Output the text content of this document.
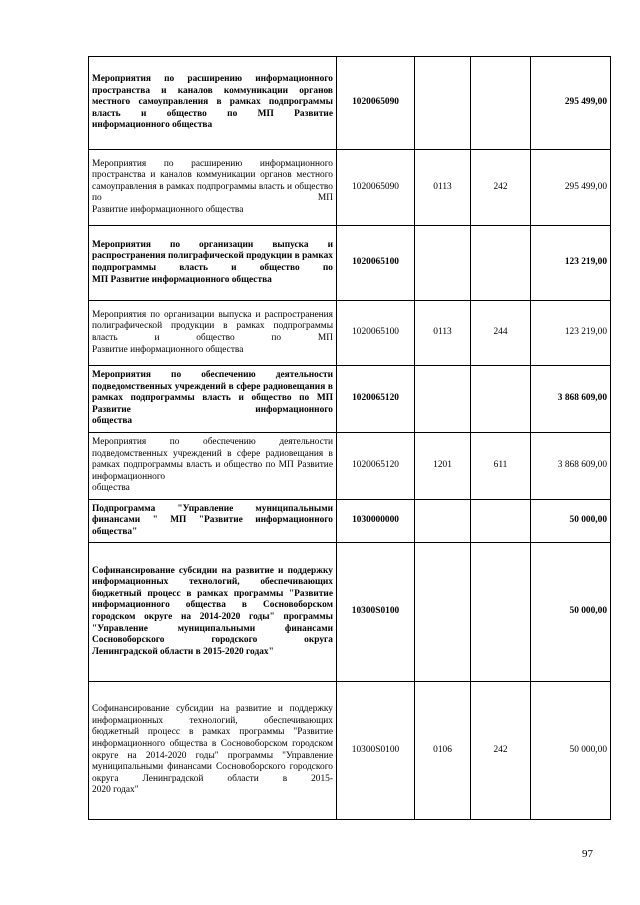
Мероприятия по расширению информационного пространства и каналов коммуникации органов местного самоуправления в рамках подпрограммы власть и общество по МП Развитие
информационного общества	1020065090			295 499,00
Мероприятия по расширению информационного пространства и каналов коммуникации органов местного самоуправления в рамках подпрограммы власть и общество по МП
Развитие информационного общества	1020065090	0113	242	295 499,00
Мероприятия по организации выпуска и распространения полиграфической продукции в рамках подпрограммы власть и общество по
МП Развитие информационного общества	1020065100			123 219,00
Мероприятия по организации выпуска и распространения полиграфической продукции в рамках подпрограммы власть и общество по МП
Развитие информационного общества	1020065100	0113	244	123 219,00
Мероприятия по обеспечению деятельности подведомственных учреждений в сфере радиовещания в рамках подпрограммы власть и общество по МП Развитие информационного
общества	1020065120			3 868 609,00
Мероприятия по обеспечению деятельности подведомственных учреждений в сфере радиовещания в рамках подпрограммы власть и общество по МП Развитие информационного
общества	1020065120	1201	611	3 868 609,00
Подпрограмма "Управление муниципальными финансами " МП "Развитие информационного
общества"	1030000000			50 000,00
Софинансирование субсидии на развитие и поддержку информационных технологий, обеспечивающих бюджетный процесс в рамках программы "Развитие информационного общества в Сосновоборском городском округе на 2014-2020 годы" программы "Управление муниципальными финансами Сосновоборского городского округа
Ленинградской области в 2015-2020 годах"	10300S0100			50 000,00
Софинансирование субсидии на развитие и поддержку информационных технологий, обеспечивающих бюджетный процесс в рамках программы "Развитие информационного общества в Сосновоборском городском округе на 2014-2020 годы" программы "Управление муниципальными финансами Сосновоборского городского округа Ленинградской области в 2015-
2020 годах"	10300S0100	0106	242	50 000,00
97
